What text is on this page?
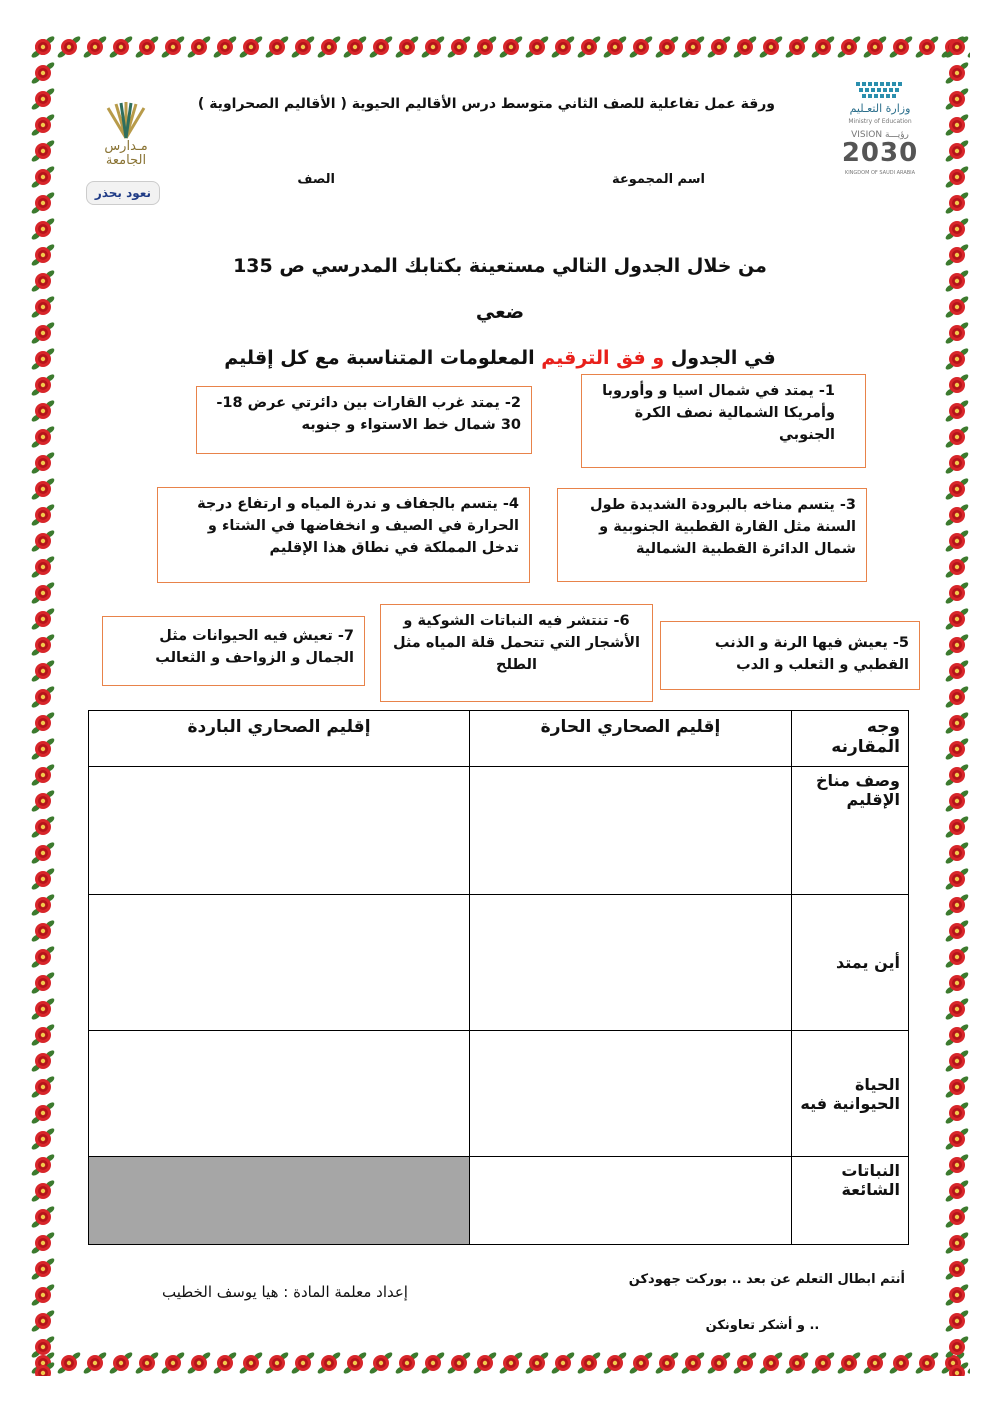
مـدارس الجامعة
نعود بحذر
وزارة التعـليم
Ministry of Education
VISION رؤيـــة
2030
KINGDOM OF SAUDI ARABIA
ورقة عمل تفاعلية للصف الثاني متوسط درس الأقاليم الحيوية ( الأقاليم الصحراوية )
اسم المجموعة
الصف
من خلال الجدول التالي مستعينة بكتابك المدرسي ص 135 ضعي
في الجدول و فق الترقيم المعلومات المتناسبة مع كل إقليم
1- يمتد في شمال اسيا و وأوروبا وأمريكا الشمالية نصف الكرة الجنوبي
2- يمتد غرب القارات بين دائرتي عرض 18-30 شمال خط الاستواء و جنوبه
3- يتسم مناخه بالبرودة الشديدة طول السنة مثل القارة القطبية الجنوبية و شمال الدائرة القطبية الشمالية
4- يتسم بالجفاف و ندرة المياه و ارتفاع درجة الحرارة في الصيف و انخفاضها في الشتاء و تدخل المملكة في نطاق هذا الإقليم
5- يعيش فيها الرنة و الذنب القطبي و الثعلب و الدب
6- تنتشر فيه النباتات الشوكية و الأشجار التي تتحمل قلة المياه مثل الطلح
7- تعيش فيه الحيوانات مثل الجمال و الزواحف و الثعالب
وجه المقارنه	إقليم الصحاري الحارة	إقليم الصحاري الباردة
وصف مناخ الإقليم		
أين يمتد		
الحياة الحيوانية فيه		
النباتات الشائعة		
إعداد معلمة المادة : هيا يوسف الخطيب
أنتم ابطال التعلم عن بعد .. بوركت جهودكن
.. و أشكر تعاونكن
